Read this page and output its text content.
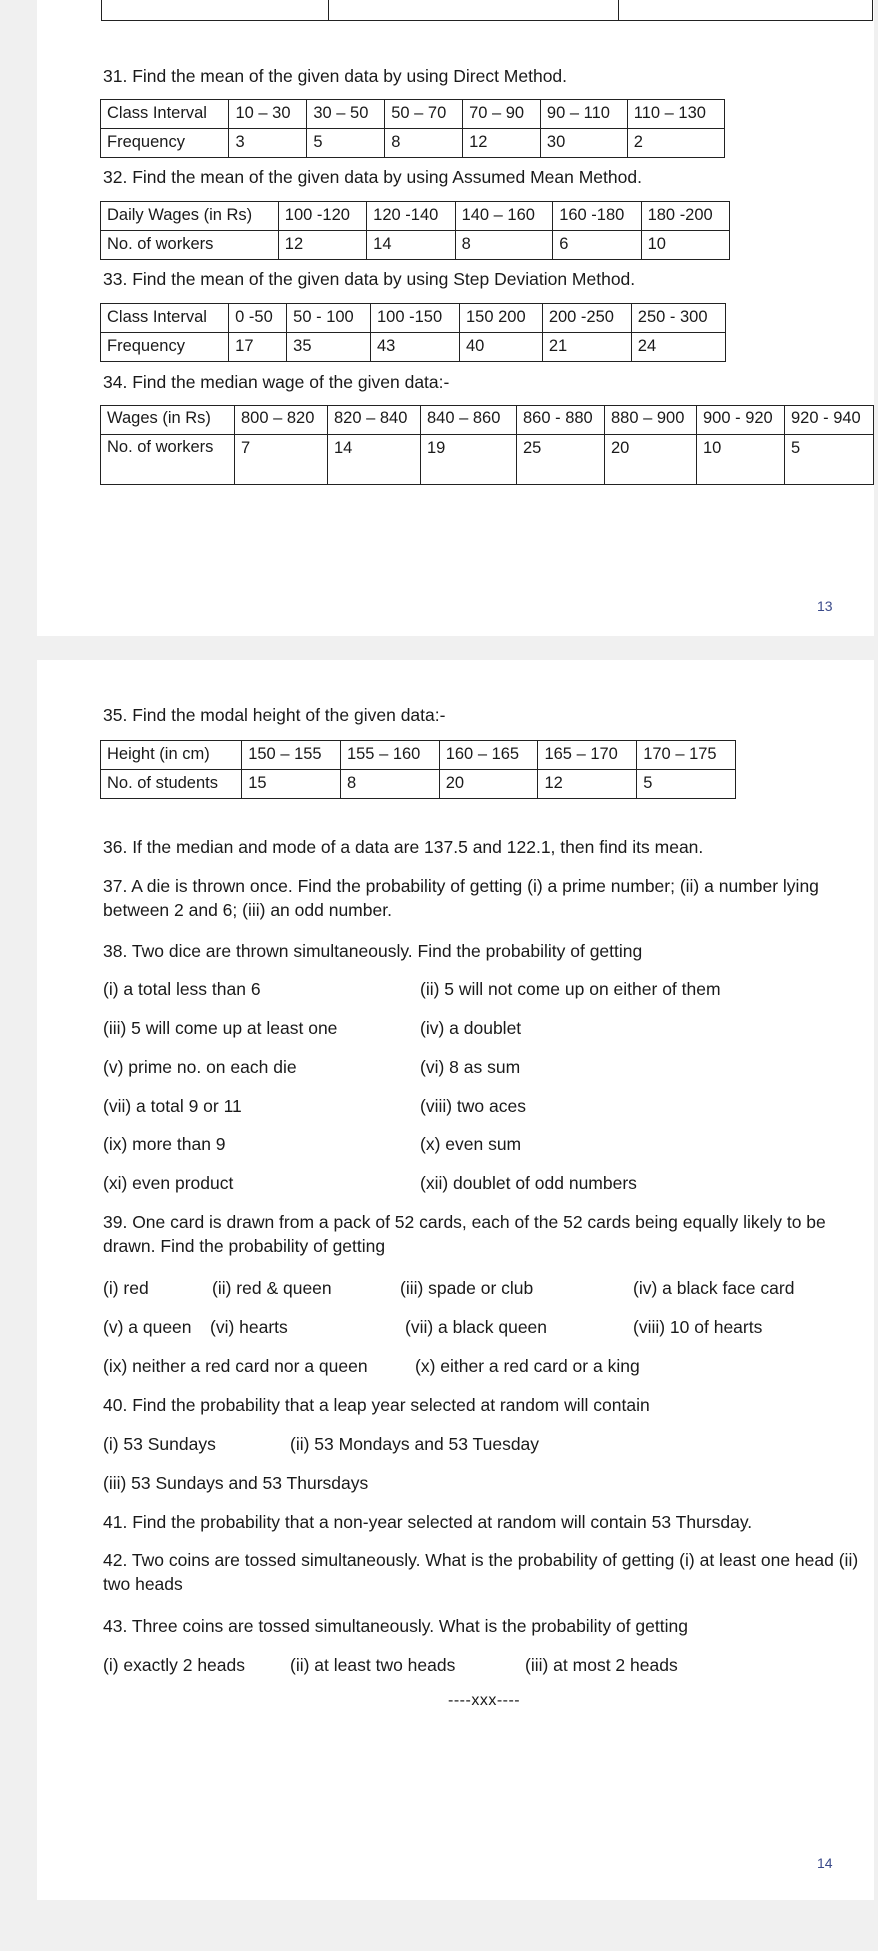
31. Find the mean of the given data by using Direct Method.
Class Interval	10 – 30	30 – 50	50 – 70	70 – 90	90 – 110	110 – 130
Frequency	3	5	8	12	30	2
32. Find the mean of the given data by using Assumed Mean Method.
Daily Wages (in Rs)	100 -120	120 -140	140 – 160	160 -180	180 -200
No. of workers	12	14	8	6	10
33. Find the mean of the given data by using Step Deviation Method.
Class Interval	0 -50	50 - 100	100 -150	150 200	200 -250	250 - 300
Frequency	17	35	43	40	21	24
34. Find the median wage of the given data:-
Wages (in Rs)	800 – 820	820 – 840	840 – 860	860 - 880	880 – 900	900 - 920	920 - 940
No. of workers	7	14	19	25	20	10	5
13
35. Find the modal height of the given data:-
Height (in cm)	150 – 155	155 – 160	160 – 165	165 – 170	170 – 175
No. of students	15	8	20	12	5
36. If the median and mode of a data are 137.5 and 122.1, then find its mean.
37. A die is thrown once. Find the probability of getting (i) a prime number; (ii) a number lying between 2 and 6; (iii) an odd number.
38. Two dice are thrown simultaneously. Find the probability of getting
(i) a total less than 6	(ii) 5 will not come up on either of them
(iii) 5 will come up at least one	(iv) a doublet
(v) prime no. on each die	(vi) 8 as sum
(vii) a total 9 or 11	(viii) two aces
(ix) more than 9	(x) even sum
(xi) even product	(xii) doublet of odd numbers
39. One card is drawn from a pack of 52 cards, each of the 52 cards being equally likely to be drawn. Find the probability of getting
(i) red	(ii) red & queen	(iii) spade or club	(iv) a black face card
(v) a queen (vi) hearts	(vii) a black queen	(viii) 10 of hearts
(ix) neither a red card nor a queen	(x) either a red card or a king
40. Find the probability that a leap year selected at random will contain
(i) 53 Sundays	(ii) 53 Mondays and 53 Tuesday
(iii) 53 Sundays and 53 Thursdays
41. Find the probability that a non-year selected at random will contain 53 Thursday.
42. Two coins are tossed simultaneously. What is the probability of getting (i) at least one head (ii) two heads
43. Three coins are tossed simultaneously. What is the probability of getting
(i) exactly 2 heads	(ii) at least two heads	(iii) at most 2 heads
----xxx----
14
